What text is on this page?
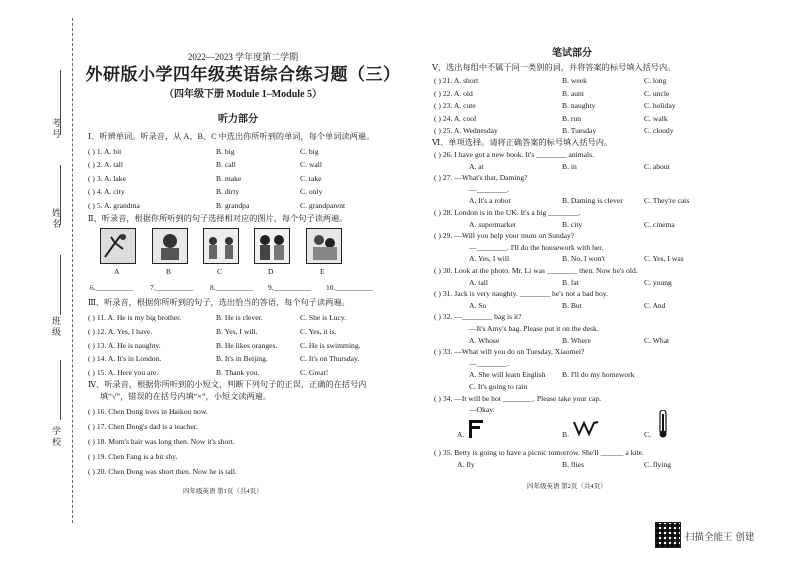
考号
姓名
班级
学校
2022—2023 学年度第二学期
外研版小学四年级英语综合练习题（三）
（四年级下册 Module 1–Module 5）
听力部分
Ⅰ、听辨单词。听录音，从 A、B、C 中选出你所听到的单词，每个单词读两遍。
( ) 1. A. bit	B. big	C. big
( ) 2. A. tall	B. call	C. wall
( ) 3. A. lake	B. make	C. take
( ) 4. A. city	B. dirty	C. only
( ) 5. A. grandma	B. grandpa	C. grandparent
Ⅱ、听录音，根据你所听到的句子选择相对应的图片，每个句子读两遍。
A	B	C	D	E
6.__________ 7.__________ 8.__________ 9.__________ 10.__________
Ⅲ、听录音，根据你所听到的句子，选出恰当的答语，每个句子读两遍。
( ) 11. A. He is my big brother.	B. He is clever.	C. She is Lucy.
( ) 12. A. Yes, I have.	B. Yes, I will.	C. Yes, it is.
( ) 13. A. He is naughty.	B. He likes oranges.	C. He is swimming.
( ) 14. A. It's in London.	B. It's in Beijing.	C. It's on Thursday.
( ) 15. A. Here you are.	B. Thank you.	C. Great!
Ⅳ、听录音，根据你所听到的小短文，判断下列句子的正误，正确的在括号内
填“√”，错误的在括号内填“×”，小短文读两遍。
( ) 16. Chen Dong lives in Haikou now.
( ) 17. Chen Dong's dad is a teacher.
( ) 18. Mum's hair was long then. Now it's short.
( ) 19. Chen Fang is a bit shy.
( ) 20. Chen Dong was short then. Now he is tall.
四年级英语 第1页（共4页）
笔试部分
Ⅴ、选出每组中不属于同一类别的词，并将答案的标号填入括号内。
( ) 21. A. short	B. week	C. long
( ) 22. A. old	B. aunt	C. uncle
( ) 23. A. cute	B. naughty	C. holiday
( ) 24. A. cool	B. run	C. walk
( ) 25. A. Wednesday	B. Tuesday	C. cloudy
Ⅵ、单项选择。请将正确答案的标号填入括号内。
( ) 26. I have got a new book. It's ________ animals.
A. at	B. in	C. about
( ) 27. —What's that, Daming?
—________.
A. It's a robot	B. Daming is clever	C. They're cats
( ) 28. London is in the UK. It's a big ________.
A. supermarket	B. city	C. cinema
( ) 29. —Will you help your mum on Sunday?
—________. I'll do the housework with her.
A. Yes, I will	B. No, I won't	C. Yes, I was
( ) 30. Look at the photo. Mr. Li was ________ then. Now he's old.
A. tall	B. fat	C. young
( ) 31. Jack is very naughty. ________ he's not a bad boy.
A. So	B. But	C. And
( ) 32. —________ bag is it?
—It's Amy's bag. Please put it on the desk.
A. Whose	B. Where	C. What
( ) 33. —What will you do on Tuesday, Xiaomei?
—________.
A. She will learn English B. I'll do my homework
C. It's going to rain
( ) 34. —It will be hot ________. Please take your cap.
—Okay.
A.	B.	C.
( ) 35. Betty is going to have a picnic tomorrow. She'll ______ a kite.
A. fly	B. flies	C. flying
四年级英语 第2页（共4页）
扫描全能王 创建
